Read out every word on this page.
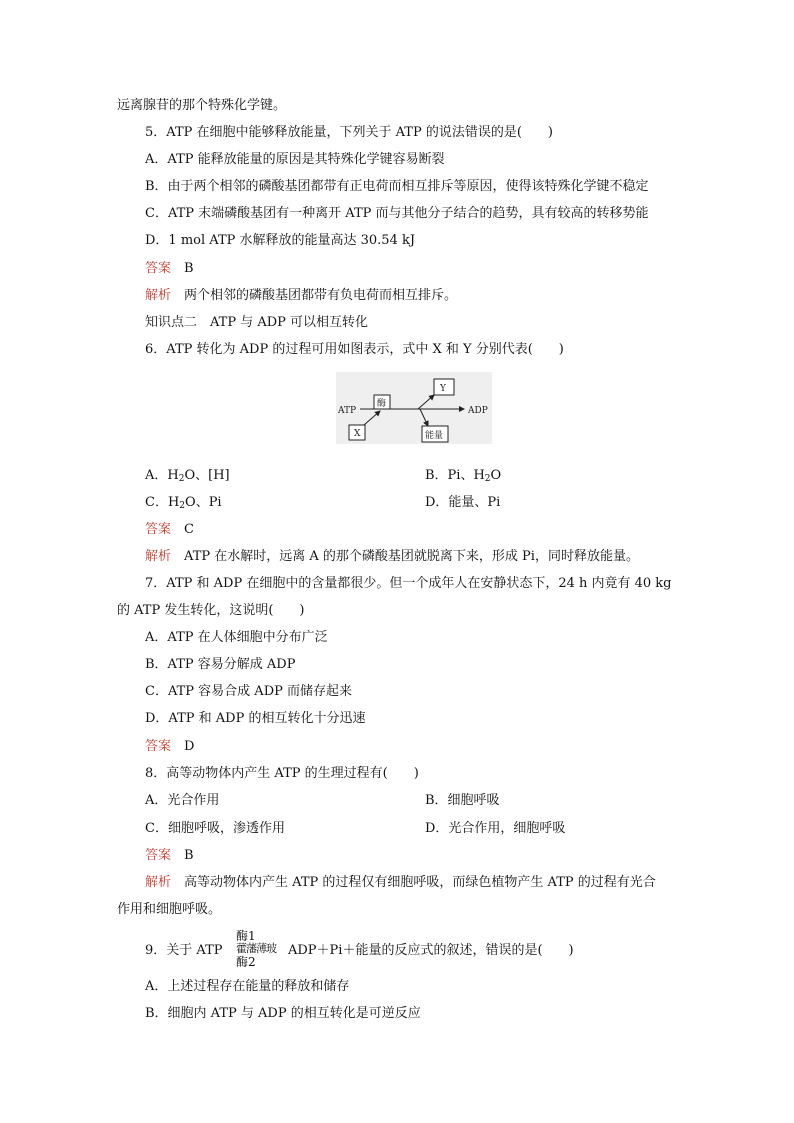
远离腺苷的那个特殊化学键。
5．ATP 在细胞中能够释放能量，下列关于 ATP 的说法错误的是(　　)
A．ATP 能释放能量的原因是其特殊化学键容易断裂
B．由于两个相邻的磷酸基团都带有正电荷而相互排斥等原因，使得该特殊化学键不稳定
C．ATP 末端磷酸基团有一种离开 ATP 而与其他分子结合的趋势，具有较高的转移势能
D．1 mol ATP 水解释放的能量高达 30.54 kJ
答案　 B
解析　 两个相邻的磷酸基团都带有负电荷而相互排斥。
知识点二　ATP 与 ADP 可以相互转化
6．ATP 转化为 ADP 的过程可用如图表示，式中 X 和 Y 分别代表(　　)
ATP	ADP
酶
X
Y
能量
A．$H_2O$、[H]	B．Pi、$H_2O$
C．$H_2O$、Pi	D．能量、Pi
答案　 C
解析　 ATP 在水解时，远离 A 的那个磷酸基团就脱离下来，形成 Pi，同时释放能量。
7．ATP 和 ADP 在细胞中的含量都很少。但一个成年人在安静状态下，24 h 内竟有 40 kg
的 ATP 发生转化，这说明(　　)
A．ATP 在人体细胞中分布广泛
B．ATP 容易分解成 ADP
C．ATP 容易合成 ADP 而储存起来
D．ATP 和 ADP 的相互转化十分迅速
答案　 D
8．高等动物体内产生 ATP 的生理过程有(　　)
A．光合作用	B．细胞呼吸
C．细胞呼吸，渗透作用	D．光合作用，细胞呼吸
答案　 B
解析　 高等动物体内产生 ATP 的过程仅有细胞呼吸，而绿色植物产生 ATP 的过程有光合
作用和细胞呼吸。
9．关于 ATP
酶1
藿藩薄玻
酶2
ADP＋Pi＋能量的反应式的叙述，错误的是(　　)
A．上述过程存在能量的释放和储存
B．细胞内 ATP 与 ADP 的相互转化是可逆反应
